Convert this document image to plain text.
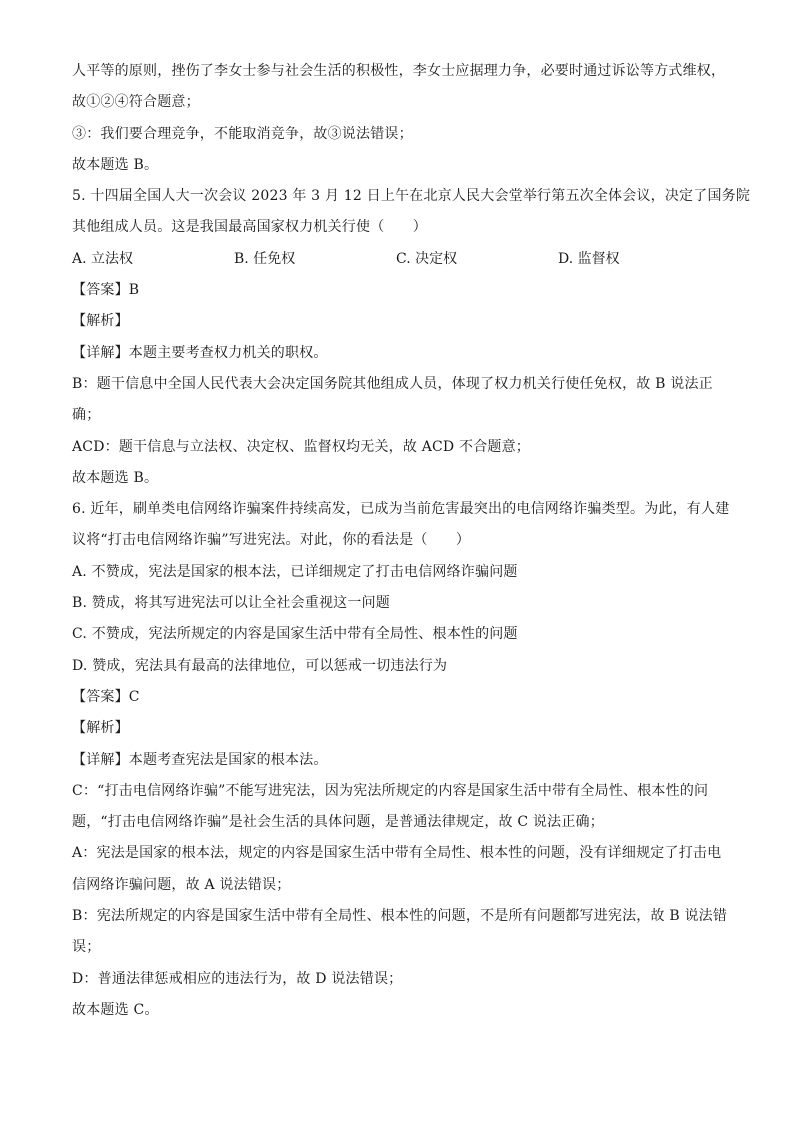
人平等的原则，挫伤了李女士参与社会生活的积极性，李女士应据理力争，必要时通过诉讼等方式维权，
故①②④符合题意；
③：我们要合理竞争，不能取消竞争，故③说法错误；
故本题选 B。
5. 十四届全国人大一次会议 2023 年 3 月 12 日上午在北京人民大会堂举行第五次全体会议，决定了国务院
其他组成人员。这是我国最高国家权力机关行使（　　）
A. 立法权	B. 任免权	C. 决定权	D. 监督权
【答案】B
【解析】
【详解】本题主要考查权力机关的职权。
B：题干信息中全国人民代表大会决定国务院其他组成人员，体现了权力机关行使任免权，故 B 说法正
确；
ACD：题干信息与立法权、决定权、监督权均无关，故 ACD 不合题意；
故本题选 B。
6. 近年，刷单类电信网络诈骗案件持续高发，已成为当前危害最突出的电信网络诈骗类型。为此，有人建
议将“打击电信网络诈骗”写进宪法。对此，你的看法是（　　）
A. 不赞成，宪法是国家的根本法，已详细规定了打击电信网络诈骗问题
B. 赞成，将其写进宪法可以让全社会重视这一问题
C. 不赞成，宪法所规定的内容是国家生活中带有全局性、根本性的问题
D. 赞成，宪法具有最高的法律地位，可以惩戒一切违法行为
【答案】C
【解析】
【详解】本题考查宪法是国家的根本法。
C：“打击电信网络诈骗”不能写进宪法，因为宪法所规定的内容是国家生活中带有全局性、根本性的问
题，“打击电信网络诈骗”是社会生活的具体问题，是普通法律规定，故 C 说法正确；
A：宪法是国家的根本法，规定的内容是国家生活中带有全局性、根本性的问题，没有详细规定了打击电
信网络诈骗问题，故 A 说法错误；
B：宪法所规定的内容是国家生活中带有全局性、根本性的问题，不是所有问题都写进宪法，故 B 说法错
误；
D：普通法律惩戒相应的违法行为，故 D 说法错误；
故本题选 C。
